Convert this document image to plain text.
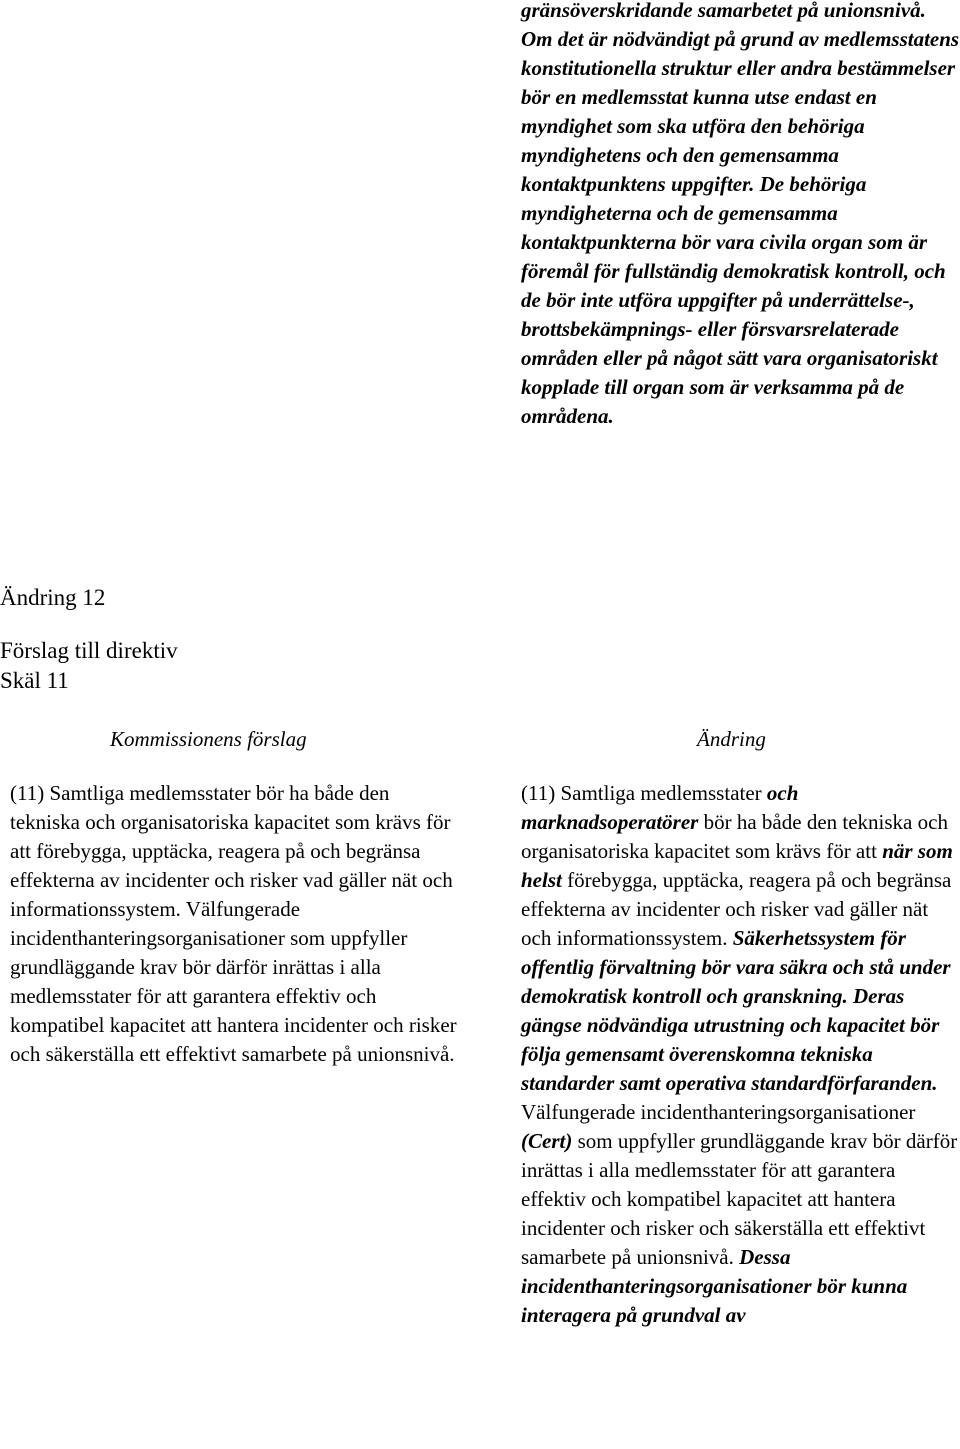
gränsöverskridande samarbetet på unionsnivå. Om det är nödvändigt på grund av medlemsstatens konstitutionella struktur eller andra bestämmelser bör en medlemsstat kunna utse endast en myndighet som ska utföra den behöriga myndighetens och den gemensamma kontaktpunktens uppgifter. De behöriga myndigheterna och de gemensamma kontaktpunkterna bör vara civila organ som är föremål för fullständig demokratisk kontroll, och de bör inte utföra uppgifter på underrättelse-, brottsbekämpnings- eller försvarsrelaterade områden eller på något sätt vara organisatoriskt kopplade till organ som är verksamma på de områdena.

Ändring 12
Förslag till direktiv
Skäl 11
Kommissionens förslag	Ändring

(11) Samtliga medlemsstater bör ha både den tekniska och organisatoriska kapacitet som krävs för att förebygga, upptäcka, reagera på och begränsa effekterna av incidenter och risker vad gäller nät och informationssystem. Välfungerade incidenthanteringsorganisationer som uppfyller grundläggande krav bör därför inrättas i alla medlemsstater för att garantera effektiv och kompatibel kapacitet att hantera incidenter och risker och säkerställa ett effektivt samarbete på unionsnivå.

(11) Samtliga medlemsstater och marknadsoperatörer bör ha både den tekniska och organisatoriska kapacitet som krävs för att när som helst förebygga, upptäcka, reagera på och begränsa effekterna av incidenter och risker vad gäller nät och informationssystem. Säkerhetssystem för offentlig förvaltning bör vara säkra och stå under demokratisk kontroll och granskning. Deras gängse nödvändiga utrustning och kapacitet bör följa gemensamt överenskomna tekniska standarder samt operativa standardförfaranden. Välfungerade incidenthanteringsorganisationer (Cert) som uppfyller grundläggande krav bör därför inrättas i alla medlemsstater för att garantera effektiv och kompatibel kapacitet att hantera incidenter och risker och säkerställa ett effektivt samarbete på unionsnivå. Dessa incidenthanteringsorganisationer bör kunna interagera på grundval av
